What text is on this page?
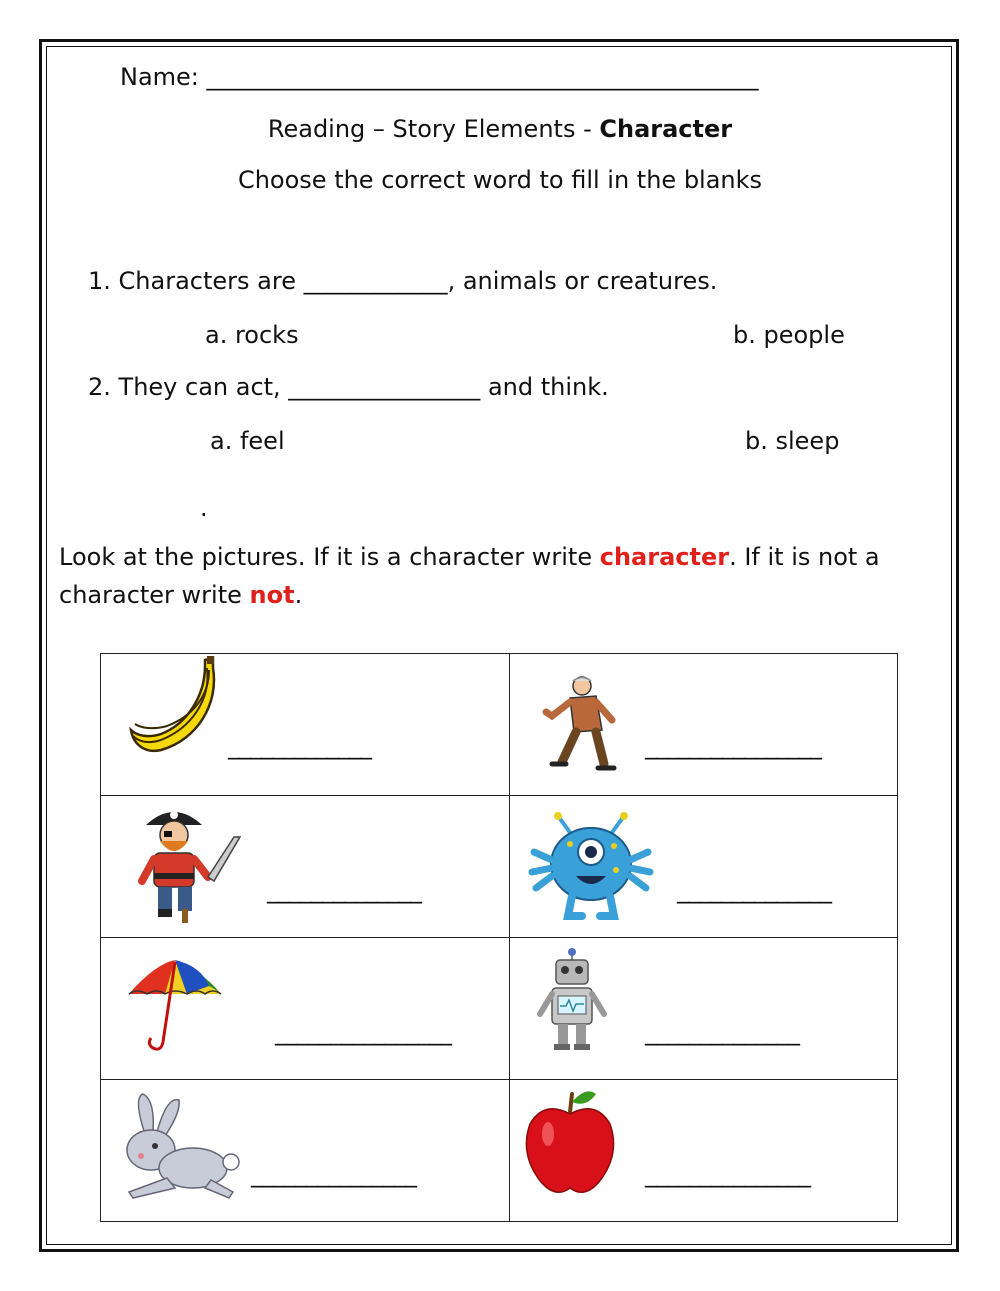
Name: ______________________________________________
Reading – Story Elements - Character
Choose the correct word to fill in the blanks
1. Characters are ____________, animals or creatures.
a. rocks	b. people
2. They can act, ________________ and think.
a. feel	b. sleep
.
Look at the pictures. If it is a character write character. If it is not a
character write not.
_____________	________________

______________	______________

________________	______________

_______________	_______________
